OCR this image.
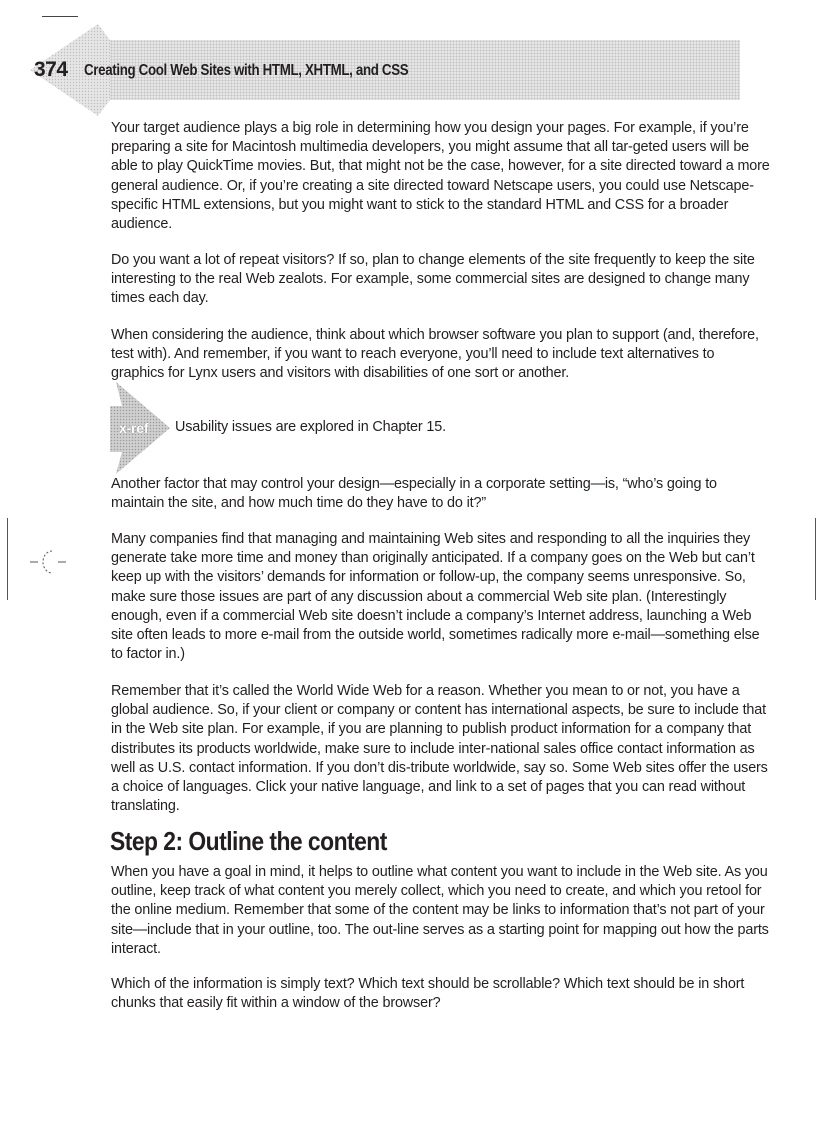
374 Creating Cool Web Sites with HTML, XHTML, and CSS

Your target audience plays a big role in determining how you design your pages. For example, if you’re preparing a site for Macintosh multimedia developers, you might assume that all tar-geted users will be able to play QuickTime movies. But, that might not be the case, however, for a site directed toward a more general audience. Or, if you’re creating a site directed toward Netscape users, you could use Netscape-specific HTML extensions, but you might want to stick to the standard HTML and CSS for a broader audience.

Do you want a lot of repeat visitors? If so, plan to change elements of the site frequently to keep the site interesting to the real Web zealots. For example, some commercial sites are designed to change many times each day.

When considering the audience, think about which browser software you plan to support (and, therefore, test with). And remember, if you want to reach everyone, you’ll need to include text alternatives to graphics for Lynx users and visitors with disabilities of one sort or another.

x-ref Usability issues are explored in Chapter 15.

Another factor that may control your design—especially in a corporate setting—is, “who’s going to maintain the site, and how much time do they have to do it?”

Many companies find that managing and maintaining Web sites and responding to all the inquiries they generate take more time and money than originally anticipated. If a company goes on the Web but can’t keep up with the visitors’ demands for information or follow-up, the company seems unresponsive. So, make sure those issues are part of any discussion about a commercial Web site plan. (Interestingly enough, even if a commercial Web site doesn’t include a company’s Internet address, launching a Web site often leads to more e-mail from the outside world, sometimes radically more e-mail—something else to factor in.)

Remember that it’s called the World Wide Web for a reason. Whether you mean to or not, you have a global audience. So, if your client or company or content has international aspects, be sure to include that in the Web site plan. For example, if you are planning to publish product information for a company that distributes its products worldwide, make sure to include inter-national sales office contact information as well as U.S. contact information. If you don’t dis-tribute worldwide, say so. Some Web sites offer the users a choice of languages. Click your native language, and link to a set of pages that you can read without translating.

Step 2: Outline the content

When you have a goal in mind, it helps to outline what content you want to include in the Web site. As you outline, keep track of what content you merely collect, which you need to create, and which you retool for the online medium. Remember that some of the content may be links to information that’s not part of your site—include that in your outline, too. The out-line serves as a starting point for mapping out how the parts interact.

Which of the information is simply text? Which text should be scrollable? Which text should be in short chunks that easily fit within a window of the browser?
